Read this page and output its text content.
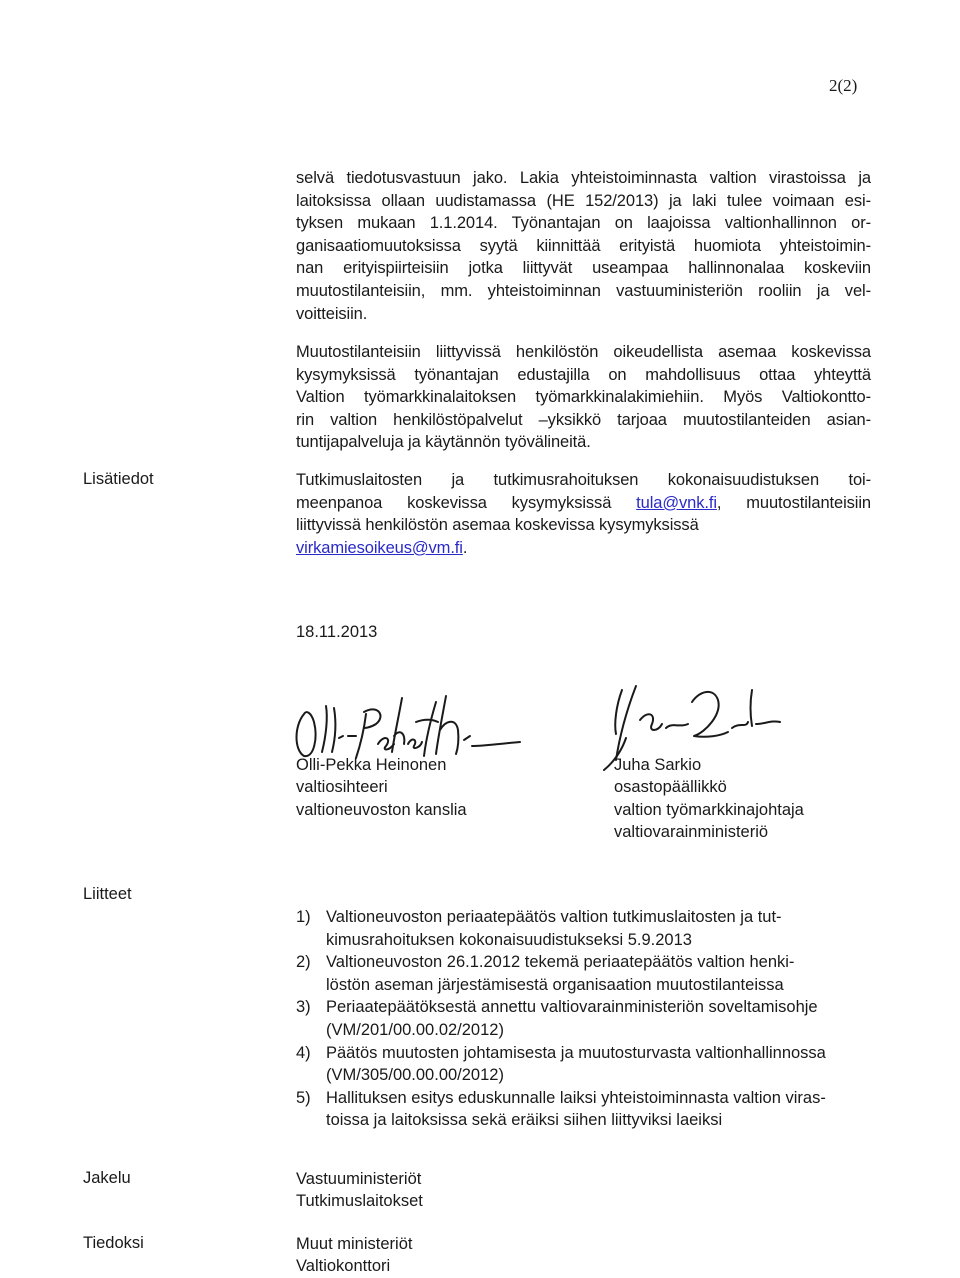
2(2)
selvä tiedotusvastuun jako. Lakia yhteistoiminnasta valtion virastoissa ja
laitoksissa ollaan uudistamassa (HE 152/2013) ja laki tulee voimaan esi-
tyksen mukaan 1.1.2014. Työnantajan on laajoissa valtionhallinnon or-
ganisaatiomuutoksissa syytä kiinnittää erityistä huomiota yhteistoimin-
nan erityispiirteisiin jotka liittyvät useampaa hallinnonalaa koskeviin
muutostilanteisiin, mm. yhteistoiminnan vastuuministeriön rooliin ja vel-
voitteisiin.
Muutostilanteisiin liittyvissä henkilöstön oikeudellista asemaa koskevissa
kysymyksissä työnantajan edustajilla on mahdollisuus ottaa yhteyttä
Valtion työmarkkinalaitoksen työmarkkinalakimiehiin. Myös Valtiokontto-
rin valtion henkilöstöpalvelut –yksikkö tarjoaa muutostilanteiden asian-
tuntijapalveluja ja käytännön työvälineitä.
Lisätiedot	Tutkimuslaitosten ja tutkimusrahoituksen kokonaisuudistuksen toi-
meenpanoa koskevissa kysymyksissä tula@vnk.fi, muutostilanteisiin
liittyvissä henkilöstön asemaa koskevissa kysymyksissä
virkamiesoikeus@vm.fi.
18.11.2013
Olli-Pekka Heinonen
valtiosihteeri
valtioneuvoston kanslia
Juha Sarkio
osastopäällikkö
valtion työmarkkinajohtaja
valtiovarainministeriö
Liitteet
1) Valtioneuvoston periaatepäätös valtion tutkimuslaitosten ja tut-
kimusrahoituksen kokonaisuudistukseksi 5.9.2013
2) Valtioneuvoston 26.1.2012 tekemä periaatepäätös valtion henki-
löstön aseman järjestämisestä organisaation muutostilanteissa
3) Periaatepäätöksestä annettu valtiovarainministeriön soveltamisohje
(VM/201/00.00.02/2012)
4) Päätös muutosten johtamisesta ja muutosturvasta valtionhallinnossa
(VM/305/00.00.00/2012)
5) Hallituksen esitys eduskunnalle laiksi yhteistoiminnasta valtion viras-
toissa ja laitoksissa sekä eräiksi siihen liittyviksi laeiksi
Jakelu	Vastuuministeriöt
Tutkimuslaitokset
Tiedoksi	Muut ministeriöt
Valtiokonttori
